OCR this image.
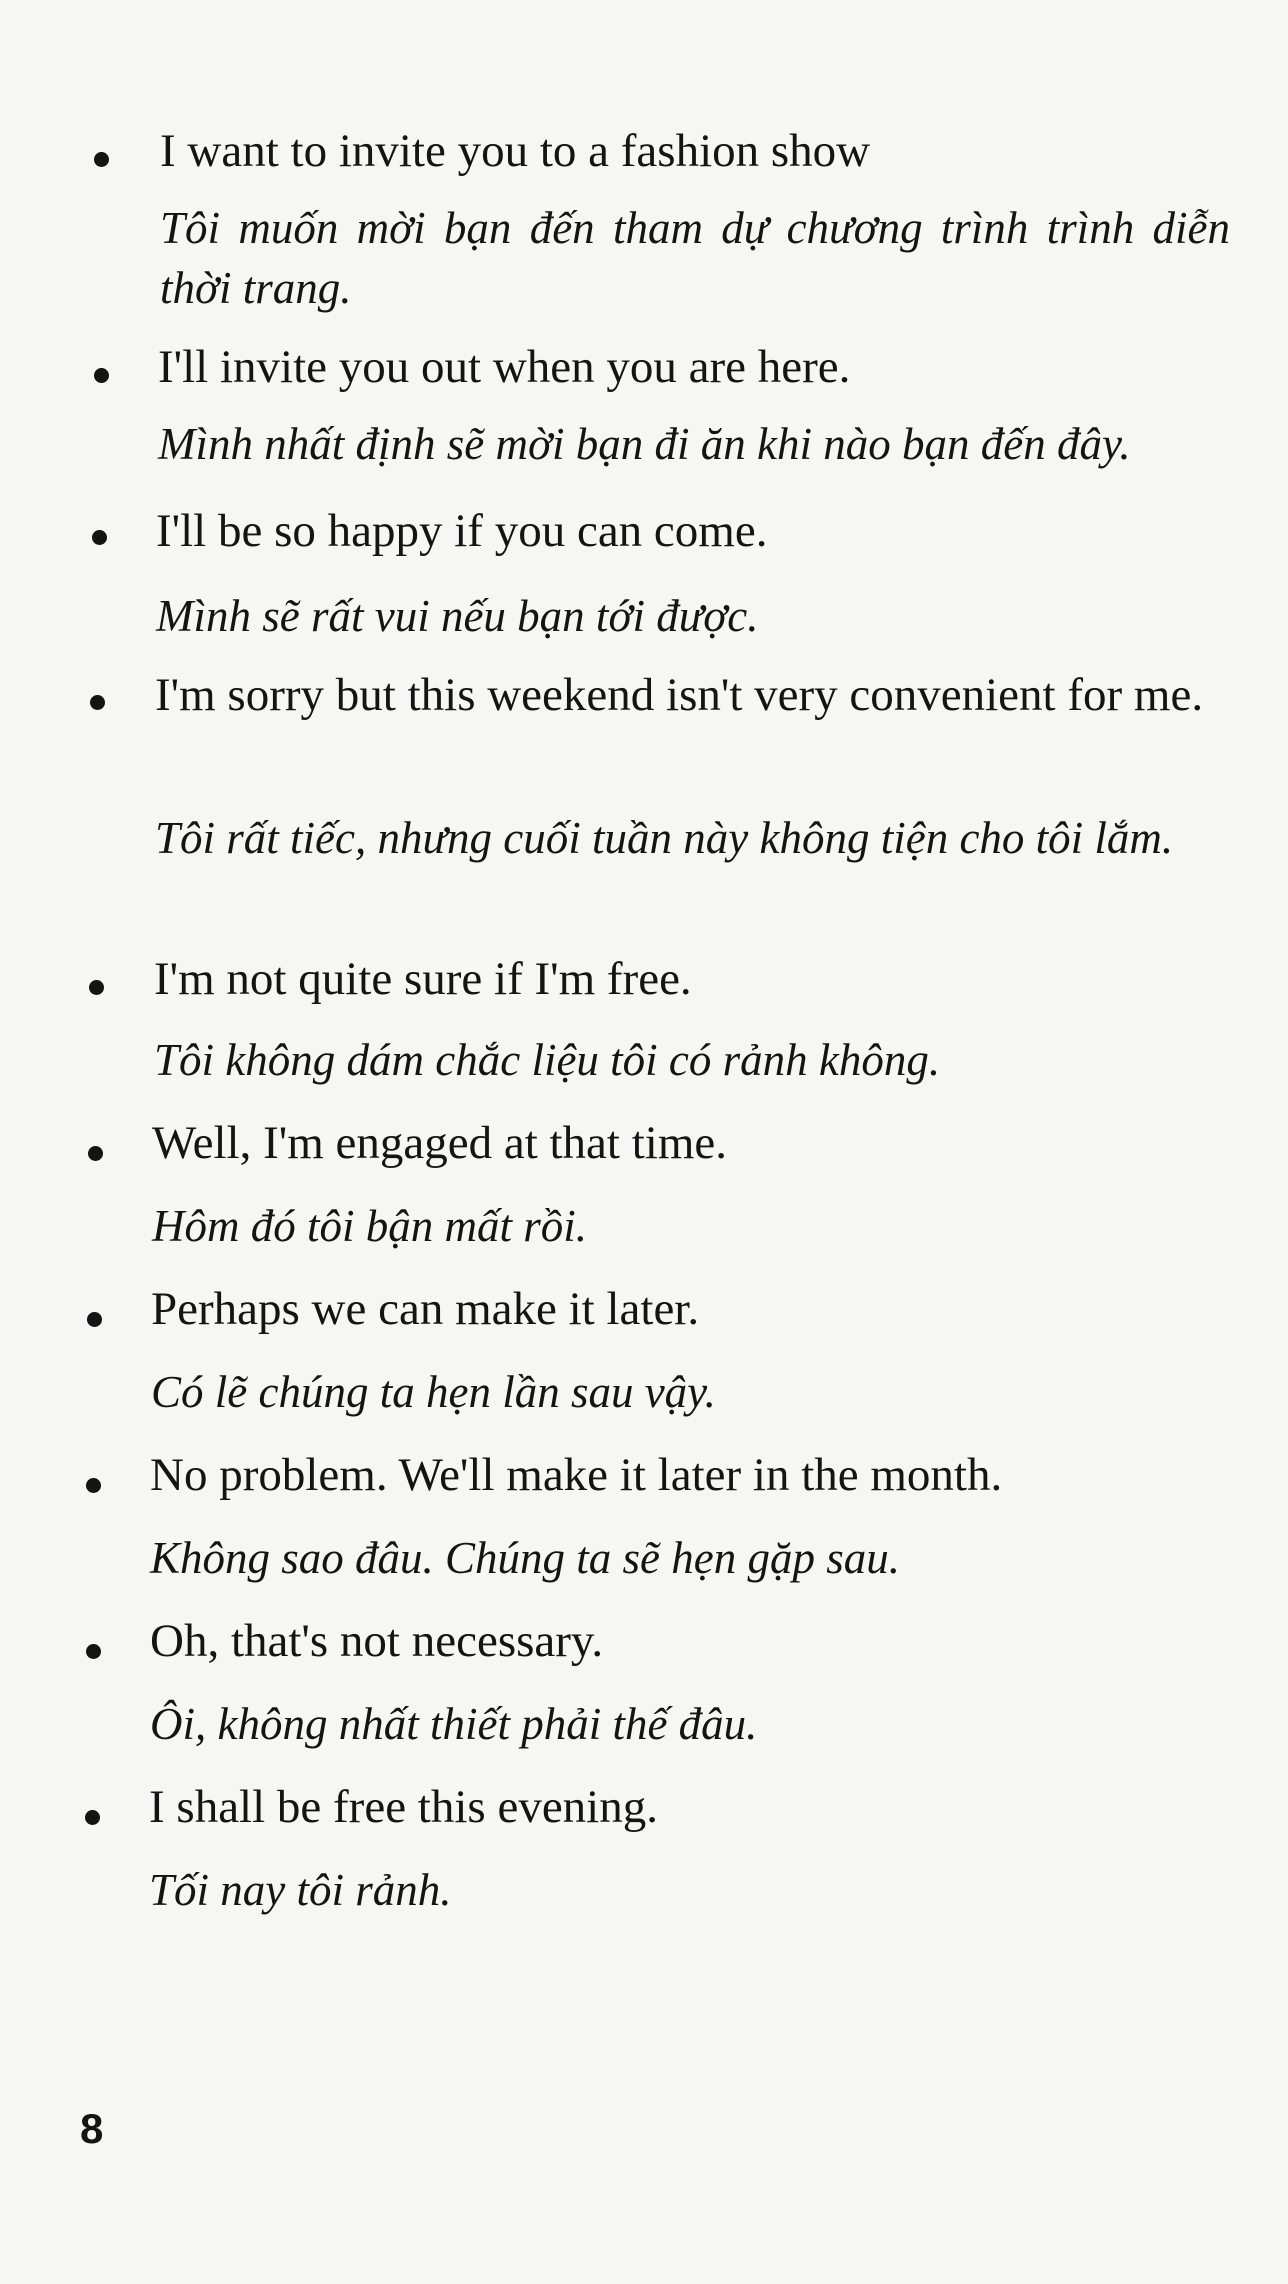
I want to invite you to a fashion show
Tôi muốn mời bạn đến tham dự chương trình trình diễn thời trang.
I'll invite you out when you are here.
Mình nhất định sẽ mời bạn đi ăn khi nào bạn đến đây.
I'll be so happy if you can come.
Mình sẽ rất vui nếu bạn tới được.
I'm sorry but this weekend isn't very convenient for me.
Tôi rất tiếc, nhưng cuối tuần này không tiện cho tôi lắm.
I'm not quite sure if I'm free.
Tôi không dám chắc liệu tôi có rảnh không.
Well, I'm engaged at that time.
Hôm đó tôi bận mất rồi.
Perhaps we can make it later.
Có lẽ chúng ta hẹn lần sau vậy.
No problem. We'll make it later in the month.
Không sao đâu. Chúng ta sẽ hẹn gặp sau.
Oh, that's not necessary.
Ôi, không nhất thiết phải thế đâu.
I shall be free this evening.
Tối nay tôi rảnh.
8
